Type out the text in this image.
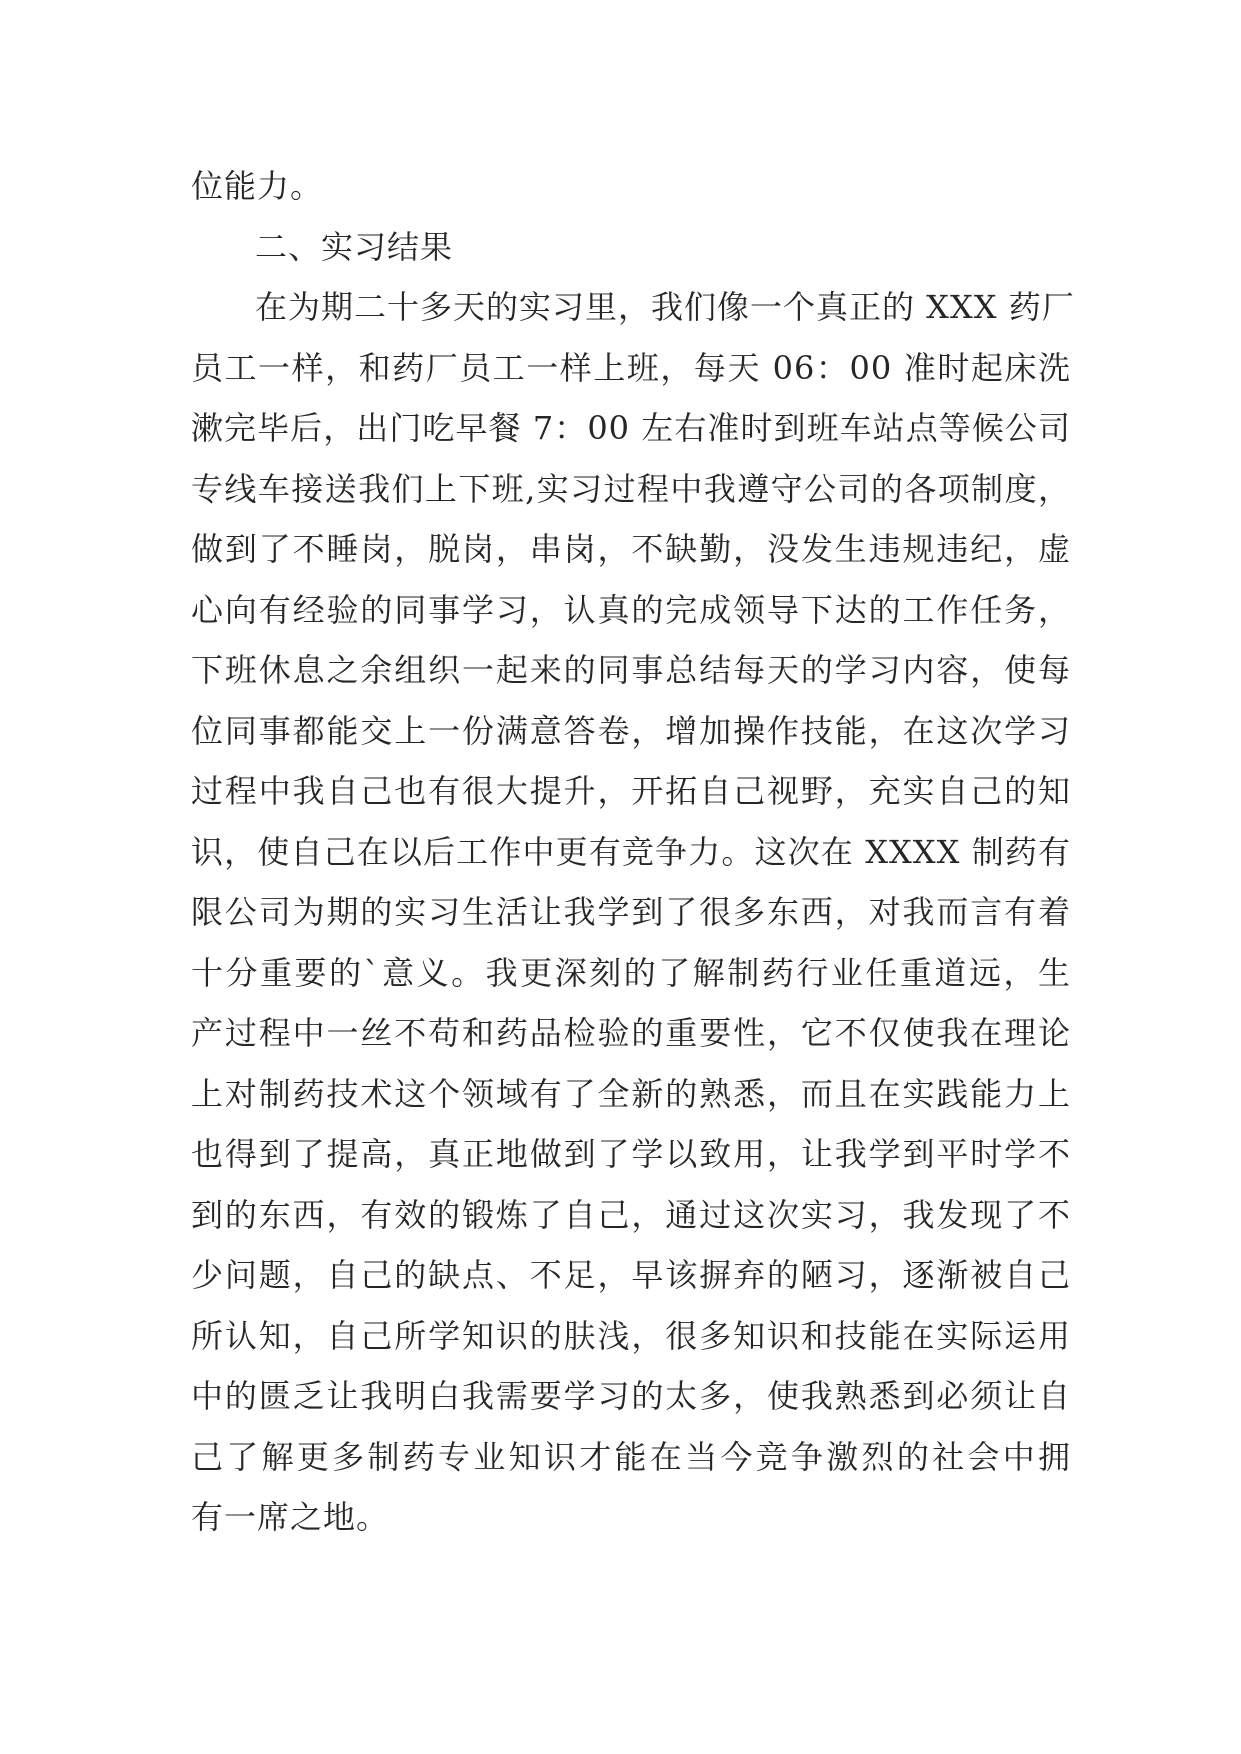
位能力。
二、实习结果
在为期二十多天的实习里，我们像一个真正的 XXX 药厂
员工一样，和药厂员工一样上班，每天 06：00 准时起床洗
漱完毕后，出门吃早餐 7：00 左右准时到班车站点等候公司
专线车接送我们上下班,实习过程中我遵守公司的各项制度，
做到了不睡岗，脱岗，串岗，不缺勤，没发生违规违纪，虚
心向有经验的同事学习，认真的完成领导下达的工作任务，
下班休息之余组织一起来的同事总结每天的学习内容，使每
位同事都能交上一份满意答卷，增加操作技能，在这次学习
过程中我自己也有很大提升，开拓自己视野，充实自己的知
识，使自己在以后工作中更有竞争力。这次在 XXXX 制药有
限公司为期的实习生活让我学到了很多东西，对我而言有着
十分重要的`意义。我更深刻的了解制药行业任重道远，生
产过程中一丝不苟和药品检验的重要性，它不仅使我在理论
上对制药技术这个领域有了全新的熟悉，而且在实践能力上
也得到了提高，真正地做到了学以致用，让我学到平时学不
到的东西，有效的锻炼了自己，通过这次实习，我发现了不
少问题，自己的缺点、不足，早该摒弃的陋习，逐渐被自己
所认知，自己所学知识的肤浅，很多知识和技能在实际运用
中的匮乏让我明白我需要学习的太多，使我熟悉到必须让自
己了解更多制药专业知识才能在当今竞争激烈的社会中拥
有一席之地。
